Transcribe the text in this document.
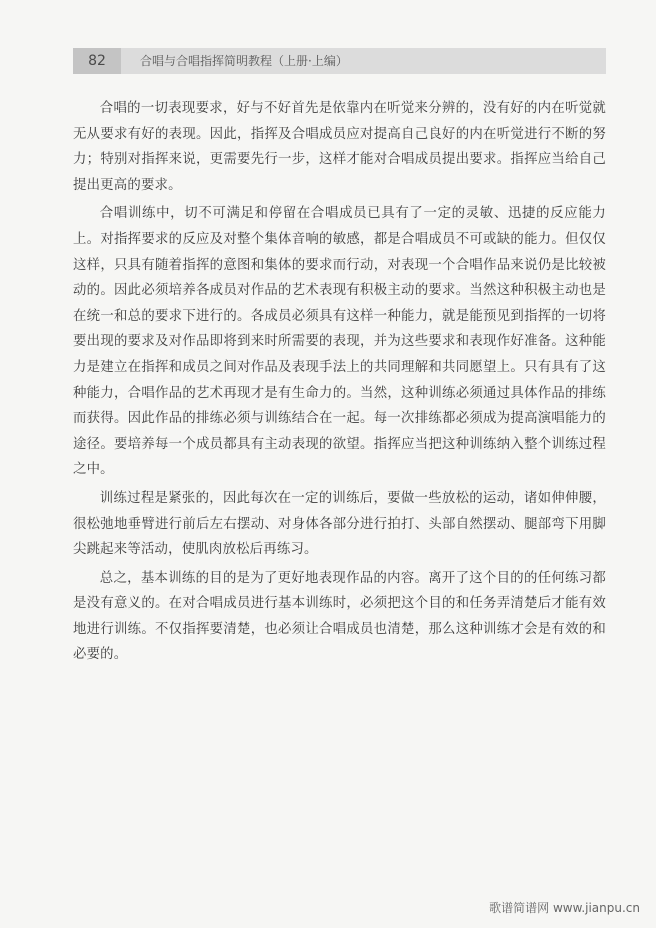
82	合唱与合唱指挥简明教程（上册·上编）

合唱的一切表现要求，好与不好首先是依靠内在听觉来分辨的，没有好的内在听觉就无从要求有好的表现。因此，指挥及合唱成员应对提高自己良好的内在听觉进行不断的努力；特别对指挥来说，更需要先行一步，这样才能对合唱成员提出要求。指挥应当给自己提出更高的要求。

合唱训练中，切不可满足和停留在合唱成员已具有了一定的灵敏、迅捷的反应能力上。对指挥要求的反应及对整个集体音响的敏感，都是合唱成员不可或缺的能力。但仅仅这样，只具有随着指挥的意图和集体的要求而行动，对表现一个合唱作品来说仍是比较被动的。因此必须培养各成员对作品的艺术表现有积极主动的要求。当然这种积极主动也是在统一和总的要求下进行的。各成员必须具有这样一种能力，就是能预见到指挥的一切将要出现的要求及对作品即将到来时所需要的表现，并为这些要求和表现作好准备。这种能力是建立在指挥和成员之间对作品及表现手法上的共同理解和共同愿望上。只有具有了这种能力，合唱作品的艺术再现才是有生命力的。当然，这种训练必须通过具体作品的排练而获得。因此作品的排练必须与训练结合在一起。每一次排练都必须成为提高演唱能力的途径。要培养每一个成员都具有主动表现的欲望。指挥应当把这种训练纳入整个训练过程之中。

训练过程是紧张的，因此每次在一定的训练后，要做一些放松的运动，诸如伸伸腰，很松弛地垂臂进行前后左右摆动、对身体各部分进行拍打、头部自然摆动、腿部弯下用脚尖跳起来等活动，使肌肉放松后再练习。

总之，基本训练的目的是为了更好地表现作品的内容。离开了这个目的的任何练习都是没有意义的。在对合唱成员进行基本训练时，必须把这个目的和任务弄清楚后才能有效地进行训练。不仅指挥要清楚，也必须让合唱成员也清楚，那么这种训练才会是有效的和必要的。

歌谱简谱网 www.jianpu.cn
